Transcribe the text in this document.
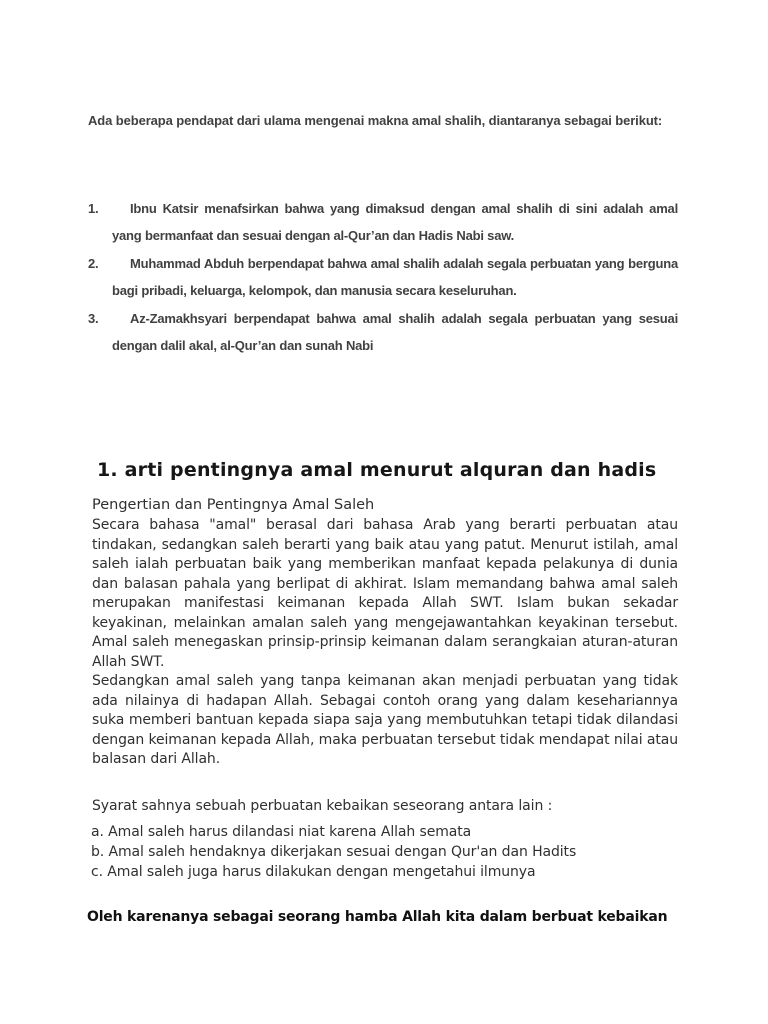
Ada beberapa pendapat dari ulama mengenai makna amal shalih, diantaranya sebagai berikut:

1. Ibnu Katsir menafsirkan bahwa yang dimaksud dengan amal shalih di sini adalah amal yang bermanfaat dan sesuai dengan al-Qur’an dan Hadis Nabi saw.
2. Muhammad Abduh berpendapat bahwa amal shalih adalah segala perbuatan yang berguna bagi pribadi, keluarga, kelompok, dan manusia secara keseluruhan.
3. Az-Zamakhsyari berpendapat bahwa amal shalih adalah segala perbuatan yang sesuai dengan dalil akal, al-Qur’an dan sunah Nabi
1. arti pentingnya amal menurut alquran dan hadis

Pengertian dan Pentingnya Amal Saleh

Secara bahasa "amal" berasal dari bahasa Arab yang berarti perbuatan atau tindakan, sedangkan saleh berarti yang baik atau yang patut. Menurut istilah, amal saleh ialah perbuatan baik yang memberikan manfaat kepada pelakunya di dunia dan balasan pahala yang berlipat di akhirat. Islam memandang bahwa amal saleh merupakan manifestasi keimanan kepada Allah SWT. Islam bukan sekadar keyakinan, melainkan amalan saleh yang mengejawantahkan keyakinan tersebut. Amal saleh menegaskan prinsip-prinsip keimanan dalam serangkaian aturan-aturan Allah SWT.

Sedangkan amal saleh yang tanpa keimanan akan menjadi perbuatan yang tidak ada nilainya di hadapan Allah. Sebagai contoh orang yang dalam kesehariannya suka memberi bantuan kepada siapa saja yang membutuhkan tetapi tidak dilandasi dengan keimanan kepada Allah, maka perbuatan tersebut tidak mendapat nilai atau balasan dari Allah.

Syarat sahnya sebuah perbuatan kebaikan seseorang antara lain :

a. Amal saleh harus dilandasi niat karena Allah semata
b. Amal saleh hendaknya dikerjakan sesuai dengan Qur'an dan Hadits
c. Amal saleh juga harus dilakukan dengan mengetahui ilmunya

Oleh karenanya sebagai seorang hamba Allah kita dalam berbuat kebaikan
